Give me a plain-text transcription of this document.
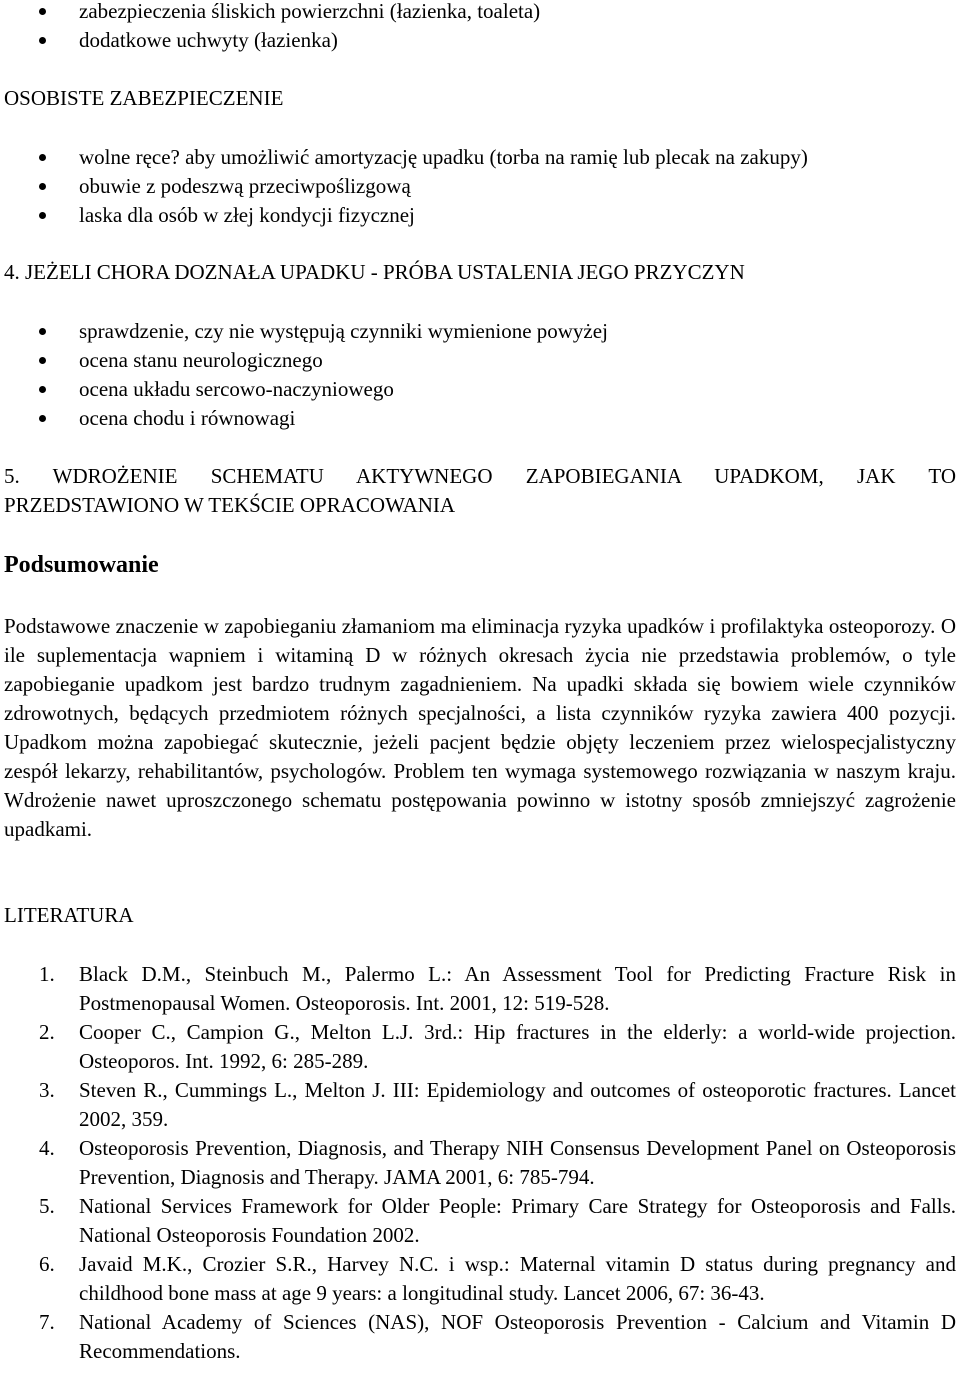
zabezpieczenia śliskich powierzchni (łazienka, toaleta)
dodatkowe uchwyty (łazienka)
OSOBISTE ZABEZPIECZENIE
wolne ręce? aby umożliwić amortyzację upadku (torba na ramię lub plecak na zakupy)
obuwie z podeszwą przeciwpoślizgową
laska dla osób w złej kondycji fizycznej
4. JEŻELI CHORA DOZNAŁA UPADKU - PRÓBA USTALENIA JEGO PRZYCZYN
sprawdzenie, czy nie występują czynniki wymienione powyżej
ocena stanu neurologicznego
ocena układu sercowo-naczyniowego
ocena chodu i równowagi
5. WDROŻENIE SCHEMATU AKTYWNEGO ZAPOBIEGANIA UPADKOM, JAK TO
PRZEDSTAWIONO W TEKŚCIE OPRACOWANIA
Podsumowanie
Podstawowe znaczenie w zapobieganiu złamaniom ma eliminacja ryzyka upadków i profilaktyka osteoporozy. O ile suplementacja wapniem i witaminą D w różnych okresach życia nie przedstawia problemów, o tyle zapobieganie upadkom jest bardzo trudnym zagadnieniem. Na upadki składa się bowiem wiele czynników zdrowotnych, będących przedmiotem różnych specjalności, a lista czynników ryzyka zawiera 400 pozycji. Upadkom można zapobiegać skutecznie, jeżeli pacjent będzie objęty leczeniem przez wielospecjalistyczny zespół lekarzy, rehabilitantów, psychologów. Problem ten wymaga systemowego rozwiązania w naszym kraju. Wdrożenie nawet uproszczonego schematu postępowania powinno w istotny sposób zmniejszyć zagrożenie upadkami.
LITERATURA
1. Black D.M., Steinbuch M., Palermo L.: An Assessment Tool for Predicting Fracture Risk in Postmenopausal Women. Osteoporosis. Int. 2001, 12: 519-528.
2. Cooper C., Campion G., Melton L.J. 3rd.: Hip fractures in the elderly: a world-wide projection. Osteoporos. Int. 1992, 6: 285-289.
3. Steven R., Cummings L., Melton J. III: Epidemiology and outcomes of osteoporotic fractures. Lancet 2002, 359.
4. Osteoporosis Prevention, Diagnosis, and Therapy NIH Consensus Development Panel on Osteoporosis Prevention, Diagnosis and Therapy. JAMA 2001, 6: 785-794.
5. National Services Framework for Older People: Primary Care Strategy for Osteoporosis and Falls. National Osteoporosis Foundation 2002.
6. Javaid M.K., Crozier S.R., Harvey N.C. i wsp.: Maternal vitamin D status during pregnancy and childhood bone mass at age 9 years: a longitudinal study. Lancet 2006, 67: 36-43.
7. National Academy of Sciences (NAS), NOF Osteoporosis Prevention - Calcium and Vitamin D Recommendations.
